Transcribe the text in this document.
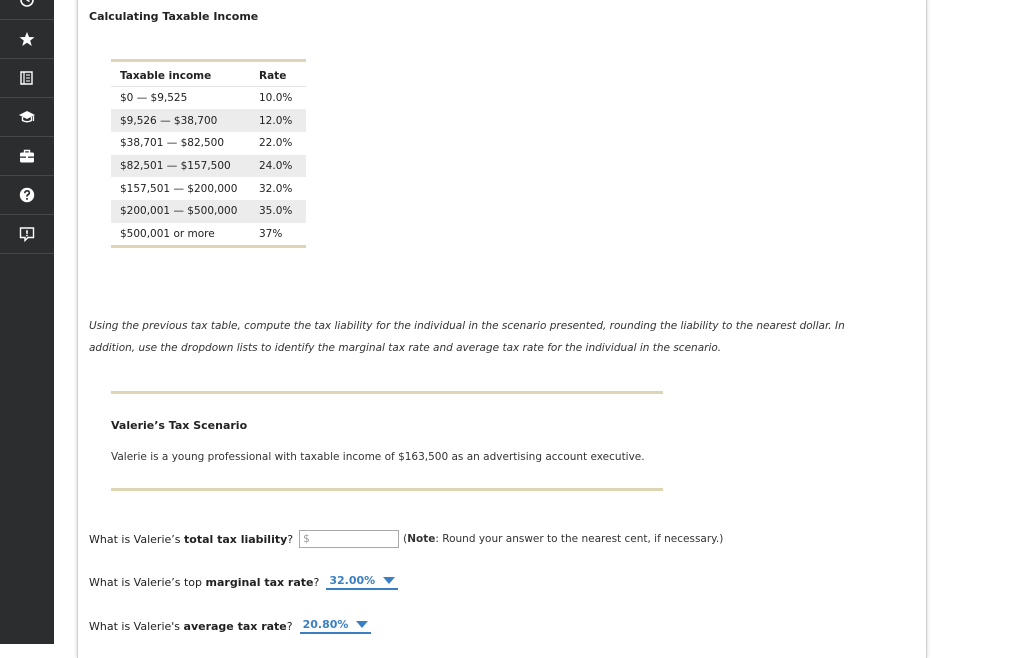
Calculating Taxable Income
Taxable income	Rate
$0 — $9,525	10.0%
$9,526 — $38,700	12.0%
$38,701 — $82,500	22.0%
$82,501 — $157,500	24.0%
$157,501 — $200,000	32.0%
$200,001 — $500,000	35.0%
$500,001 or more	37%
Using the previous tax table, compute the tax liability for the individual in the scenario presented, rounding the liability to the nearest dollar. In
addition, use the dropdown lists to identify the marginal tax rate and average tax rate for the individual in the scenario.
Valerie’s Tax Scenario
Valerie is a young professional with taxable income of $163,500 as an advertising account executive.
What is Valerie’s
total tax liability ? $	(Note: Round your answer to the nearest cent, if necessary.)
What is Valerie’s top
marginal tax rate ? 32.00%
What is Valerie's
average tax rate ? 20.80%
